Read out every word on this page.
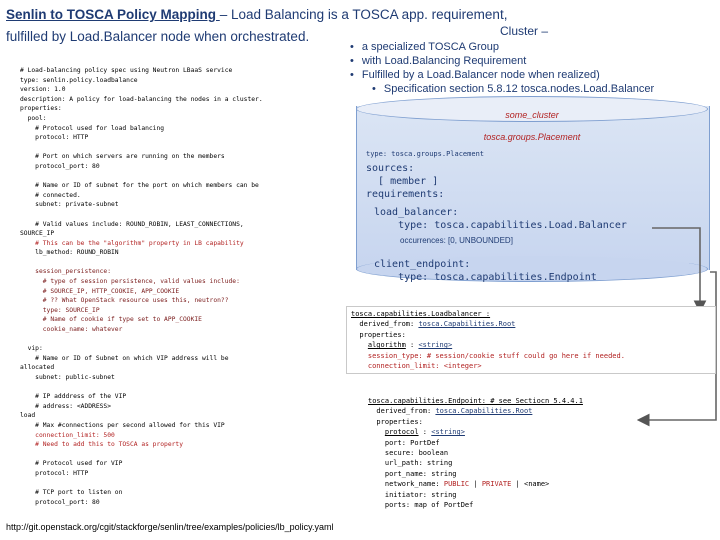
Senlin to TOSCA Policy Mapping – Load Balancing is a TOSCA app. requirement,
fulfilled by Load.Balancer node when orchestrated.	Cluster –
• a specialized TOSCA Group
• with Load.Balancing Requirement
• Fulfilled by a Load.Balancer node when realized)
• Specification section 5.8.12 tosca.nodes.Load.Balancer
# Load-balancing policy spec using Neutron LBaaS service
type: senlin.policy.loadbalance
version: 1.0
description: A policy for load-balancing the nodes in a cluster.
properties:
pool:
# Protocol used for load balancing
protocol: HTTP

# Port on which servers are running on the members
protocol_port: 80

# Name or ID of subnet for the port on which members can be
# connected.
subnet: private-subnet

# Valid values include: ROUND_ROBIN, LEAST_CONNECTIONS,
SOURCE_IP
# This can be the "algorithm" property in LB capability
lb_method: ROUND_ROBIN

session_persistence:
# type of session persistence, valid values include:
# SOURCE_IP, HTTP_COOKIE, APP_COOKIE
# ?? What OpenStack resource uses this, neutron??
type: SOURCE_IP
# Name of cookie if type set to APP_COOKIE
cookie_name: whatever

vip:
# Name or ID of Subnet on which VIP address will be
allocated
subnet: public-subnet

# IP adddress of the VIP
# address: <ADDRESS>
load
# Max #connections per second allowed for this VIP
connection_limit: 500
# Need to add this to TOSCA as property

# Protocol used for VIP
protocol: HTTP

# TCP port to listen on
protocol_port: 80
some_cluster
tosca.groups.Placement
type: tosca.groups.Placement
sources:
[ member ]
requirements:
load_balancer:
type: tosca.capabilities.Load.Balancer
occurrences: [0, UNBOUNDED]
client_endpoint:
type: tosca.capabilities.Endpoint
tosca.capabilities.Loadbalancer :
derived_from: tosca.Capabilities.Root
properties:
algorithm : <string>
session_type: # session/cookie stuff could go here if needed.
connection_limit: <integer>
tosca.capabilities.Endpoint: # see Sectiocn 5.4.4.1
derived_from: tosca.Capabilities.Root
properties:
protocol : <string>
port: PortDef
secure: boolean
url_path: string
port_name: string
network_name: PUBLIC | PRIVATE | <name>
initiator: string
ports: map of PortDef
http://git.openstack.org/cgit/stackforge/senlin/tree/examples/policies/lb_policy.yaml
